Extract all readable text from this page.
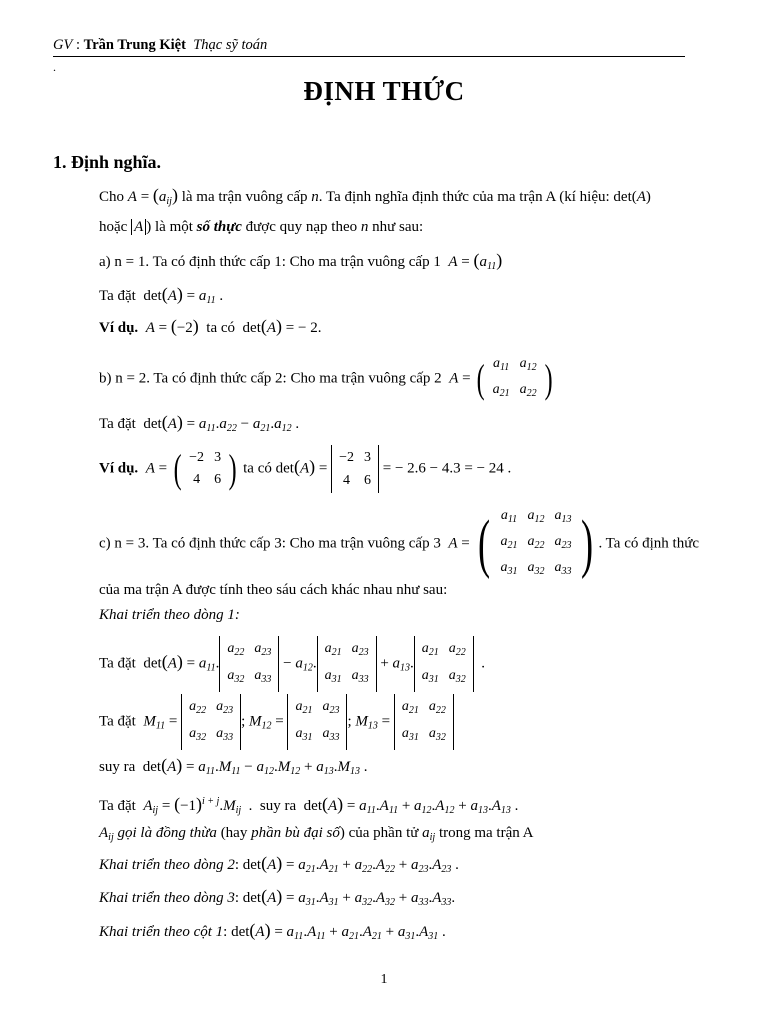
GV : Trần Trung Kiệt Thạc sỹ toán
.
ĐỊNH THỨC
1. Định nghĩa.
Cho $A = (a_{ij})$ là ma trận vuông cấp n. Ta định nghĩa định thức của ma trận A (kí hiệu: det(A)
hoặc A ) là một số thực được quy nạp theo n như sau:
a) n = 1. Ta có định thức cấp 1: Cho ma trận vuông cấp 1 $A = (a_{11})$
Ta đặt  $\det(A) = a_{11}$ .
Ví dụ. A = (−2) ta có  det(A) = − 2.
b) n = 2. Ta có định thức cấp 2: Cho ma trận vuông cấp 2 A = ( $a_{11}$	$a_{12}$
$a_{21}$	$a_{22}$ )
Ta đặt  $\det(A) = a_{11}.a_{22} - a_{21}.a_{12}$ .
Ví dụ. A = ( −2	3
4	6 ) ta có det(A) = −2	3
4	6 = − 2.6 − 4.3 = − 24 .
c) n = 3. Ta có định thức cấp 3: Cho ma trận vuông cấp 3 A = ( $a_{11}$	$a_{12}$	$a_{13}$
$a_{21}$	$a_{22}$	$a_{23}$
$a_{31}$	$a_{32}$	$a_{33}$ ) . Ta có định thức
của ma trận A được tính theo sáu cách khác nhau như sau:
Khai triển theo dòng 1:
Ta đặt  $\det(A) = a_{11}.a_{22}$	$a_{23}$
$a_{32}$	$a_{33} - a_{12}.a_{21}$	$a_{23}$
$a_{31}$	$a_{33} + a_{13}.a_{21}$	$a_{22}$
$a_{31}$	$a_{32}$  .
Ta đặt $M_{11} = a_{22}$	$a_{23}$
$a_{32}$	$a_{33}$; $M_{12} = a_{21}$	$a_{23}$
$a_{31}$	$a_{33}$; $M_{13} = a_{21}$	$a_{22}$
$a_{31}$	$a_{32}$
suy ra  $\det(A) = a_{11}.M_{11} - a_{12}.M_{12} + a_{13}.M_{13}$ .
Ta đặt $A_{ij} = (-1)^{i + j}.M_{ij}$  .  suy ra  $\det(A) = a_{11}.A_{11} + a_{12}.A_{12} + a_{13}.A_{13}$ .
$A_{ij}$ gọi là đồng thừa (hay phần bù đại số) của phần tử $a_{ij}$ trong ma trận A
Khai triển theo dòng 2: $\det(A) = a_{21}.A_{21} + a_{22}.A_{22} + a_{23}.A_{23}$ .
Khai triển theo dòng 3: $\det(A) = a_{31}.A_{31} + a_{32}.A_{32} + a_{33}.A_{33}$.
Khai triển theo cột 1: $\det(A) = a_{11}.A_{11} + a_{21}.A_{21} + a_{31}.A_{31}$ .
1
